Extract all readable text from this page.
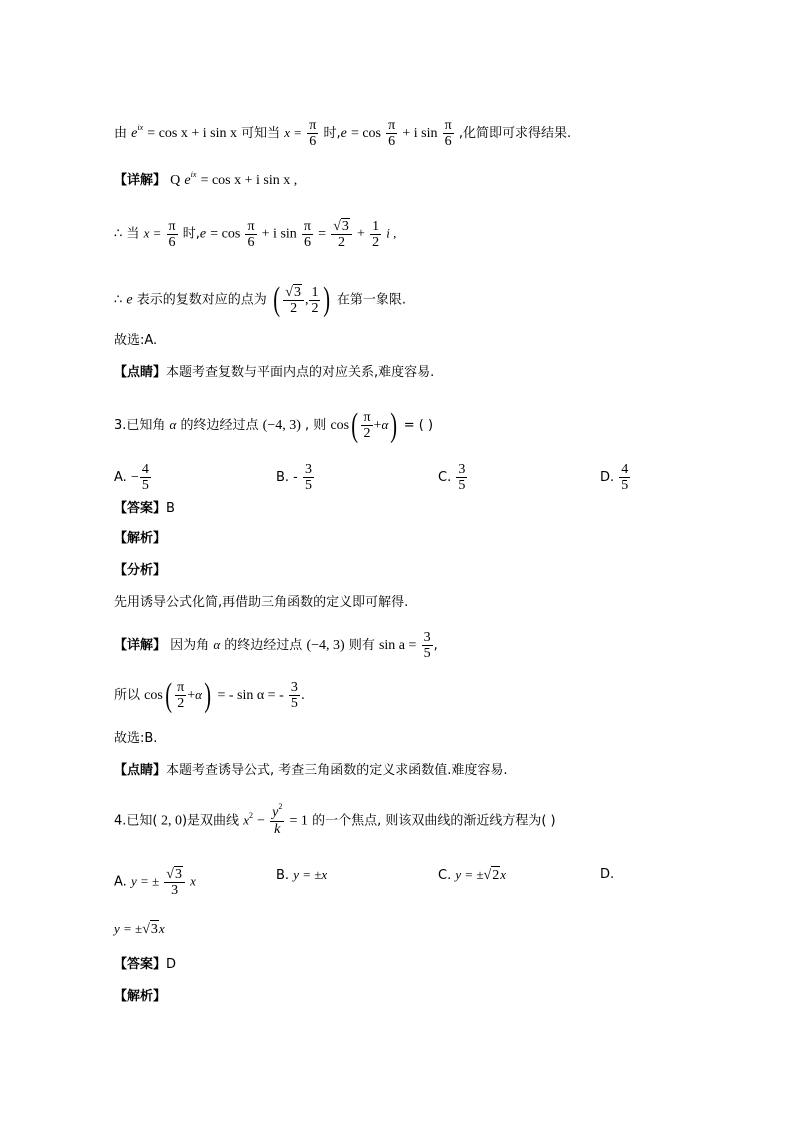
由 $e^{ix} = \cos x + i$ sin x 可知当 $x = \frac{\pi}{6}$ 时$,e = \cos \frac{\pi}{6} + i$ $\sin \frac{\pi}{6}$ ,化简即可求得结果.
【详解】 Q $e^{ix} = \cos x + i$ sin x ,
∴ 当 $x = \frac{\pi}{6}$ 时$,e = \cos \frac{\pi}{6} + i$ $\sin \frac{\pi}{6} = \frac{√3}{2} + \frac{1}{2}$ i ,
∴ e 表示的复数对应的点为 ( $\frac{√3}{2}$ , $\frac{1}{2}$ ) 在第一象限.
故选:A.
【点睛】本题考查复数与平面内点的对应关系,难度容易.
3.已知角 α 的终边经过点 (−4, 3) , 则 $\cos( \frac{\pi}{2} +\alpha)$ = ( )
A. − $\frac{4}{5}$	B. - $\frac{3}{5}$	C. $\frac{3}{5}$	D. $\frac{4}{5}$
【答案】B
【解析】
【分析】
先用诱导公式化简,再借助三角函数的定义即可解得.
【详解】 因为角 α 的终边经过点 (−4, 3) 则有 $\sin a = \frac{3}{5}$ ,
所以 $\cos( \frac{\pi}{2} +\alpha)$ = - sin α = - $\frac{3}{5}$ .
故选:B.
【点睛】本题考查诱导公式, 考查三角函数的定义求函数值.难度容易.
4.已知( 2, 0)是双曲线 $x^2 - \frac{y^2}{k} = 1$ 的一个焦点, 则该双曲线的渐近线方程为( )
A. y = ± $\frac{√3}{3}$ x	B. y = ±x	C. y = ±√2x	D.
y = ±√3x
【答案】D
【解析】
